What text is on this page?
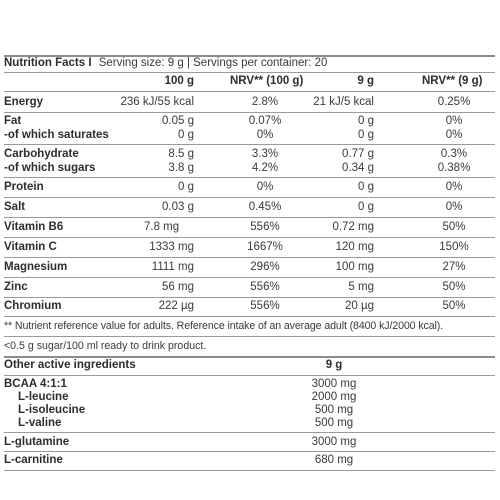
Nutrition Facts I Serving size: 9 g | Servings per container: 20
100 g	NRV** (100 g)	9 g	NRV** (9 g)
Energy	236 kJ/55 kcal	2.8%	21 kJ/5 kcal	0.25%
Fat	0.05 g	0.07%	0 g	0%
-of which saturates	0 g	0%	0 g	0%
Carbohydrate	8.5 g	3.3%	0.77 g	0.3%
-of which sugars	3.8 g	4.2%	0.34 g	0.38%
Protein	0 g	0%	0 g	0%
Salt	0.03 g	0.45%	0 g	0%
Vitamin B6	7.8 mg	556%	0.72 mg	50%
Vitamin C	1333 mg	1667%	120 mg	150%
Magnesium	1111 mg	296%	100 mg	27%
Zinc	56 mg	556%	5 mg	50%
Chromium	222 µg	556%	20 µg	50%
** Nutrient reference value for adults. Reference intake of an average adult (8400 kJ/2000 kcal).
<0.5 g sugar/100 ml ready to drink product.
Other active ingredients	9 g
BCAA 4:1:1	3000 mg
L-leucine	2000 mg
L-isoleucine	500 mg
L-valine	500 mg
L-glutamine	3000 mg
L-carnitine	680 mg
